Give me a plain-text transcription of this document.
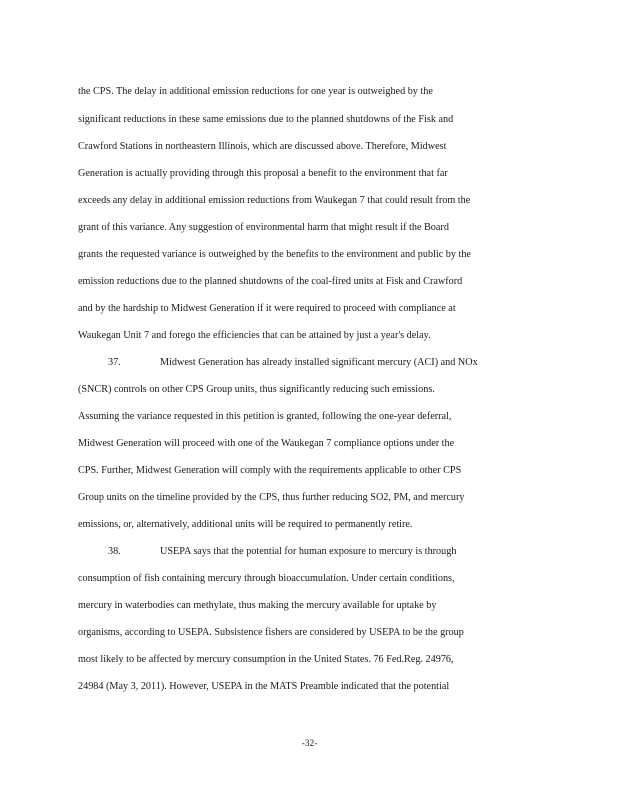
the CPS. The delay in additional emission reductions for one year is outweighed by the
significant reductions in these same emissions due to the planned shutdowns of the Fisk and
Crawford Stations in northeastern Illinois, which are discussed above. Therefore, Midwest
Generation is actually providing through this proposal a benefit to the environment that far
exceeds any delay in additional emission reductions from Waukegan 7 that could result from the
grant of this variance. Any suggestion of environmental harm that might result if the Board
grants the requested variance is outweighed by the benefits to the environment and public by the
emission reductions due to the planned shutdowns of the coal-fired units at Fisk and Crawford
and by the hardship to Midwest Generation if it were required to proceed with compliance at
Waukegan Unit 7 and forego the efficiencies that can be attained by just a year's delay.
37.	Midwest Generation has already installed significant mercury (ACI) and NOx
(SNCR) controls on other CPS Group units, thus significantly reducing such emissions.
Assuming the variance requested in this petition is granted, following the one-year deferral,
Midwest Generation will proceed with one of the Waukegan 7 compliance options under the
CPS. Further, Midwest Generation will comply with the requirements applicable to other CPS
Group units on the timeline provided by the CPS, thus further reducing SO2, PM, and mercury
emissions, or, alternatively, additional units will be required to permanently retire.
38.	USEPA says that the potential for human exposure to mercury is through
consumption of fish containing mercury through bioaccumulation. Under certain conditions,
mercury in waterbodies can methylate, thus making the mercury available for uptake by
organisms, according to USEPA. Subsistence fishers are considered by USEPA to be the group
most likely to be affected by mercury consumption in the United States. 76 Fed.Reg. 24976,
24984 (May 3, 2011). However, USEPA in the MATS Preamble indicated that the potential
-32-
